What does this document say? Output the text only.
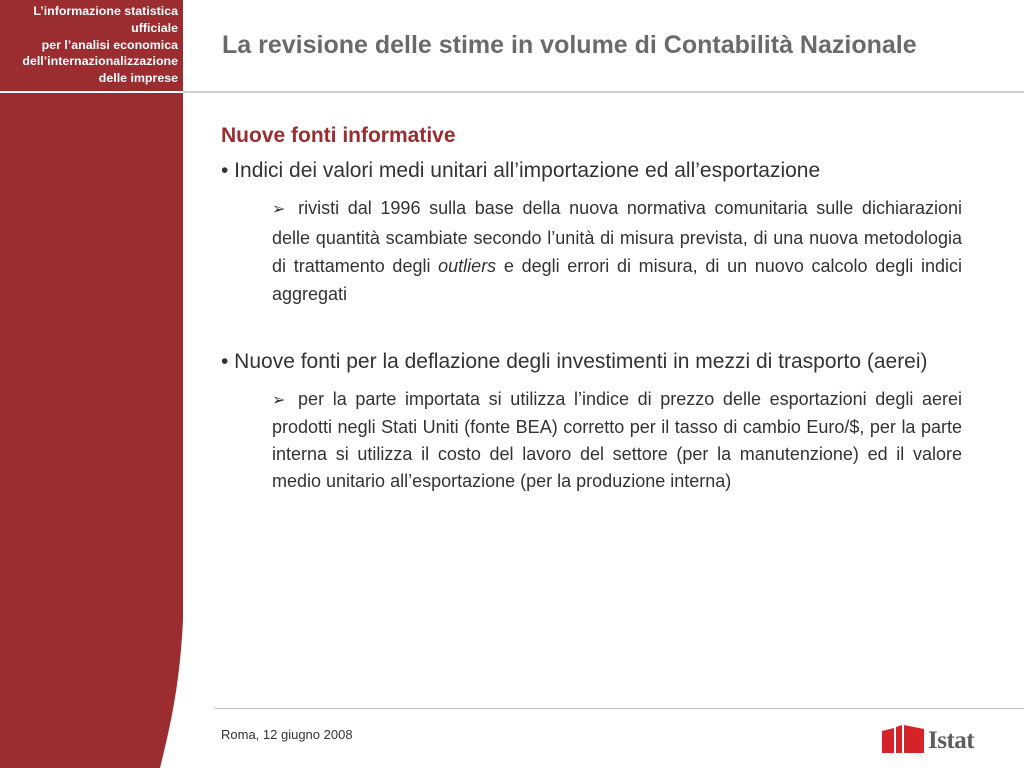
L’informazione statistica
ufficiale
per l’analisi economica
dell’internazionalizzazione
delle imprese
La revisione delle stime in volume di Contabilità Nazionale

Nuove fonti informative

• Indici dei valori medi unitari all’importazione ed all’esportazione

➢ rivisti dal 1996 sulla base della nuova normativa comunitaria sulle dichiarazioni delle quantità scambiate secondo l’unità di misura prevista, di una nuova metodologia di trattamento degli outliers e degli errori di misura, di un nuovo calcolo degli indici aggregati

• Nuove fonti per la deflazione degli investimenti in mezzi di trasporto (aerei)

➢ per la parte importata si utilizza l’indice di prezzo delle esportazioni degli aerei prodotti negli Stati Uniti (fonte BEA) corretto per il tasso di cambio Euro/$, per la parte interna si utilizza il costo del lavoro del settore (per la manutenzione) ed il valore medio unitario all’esportazione (per la produzione interna)

Roma, 12 giugno 2008	Istat
